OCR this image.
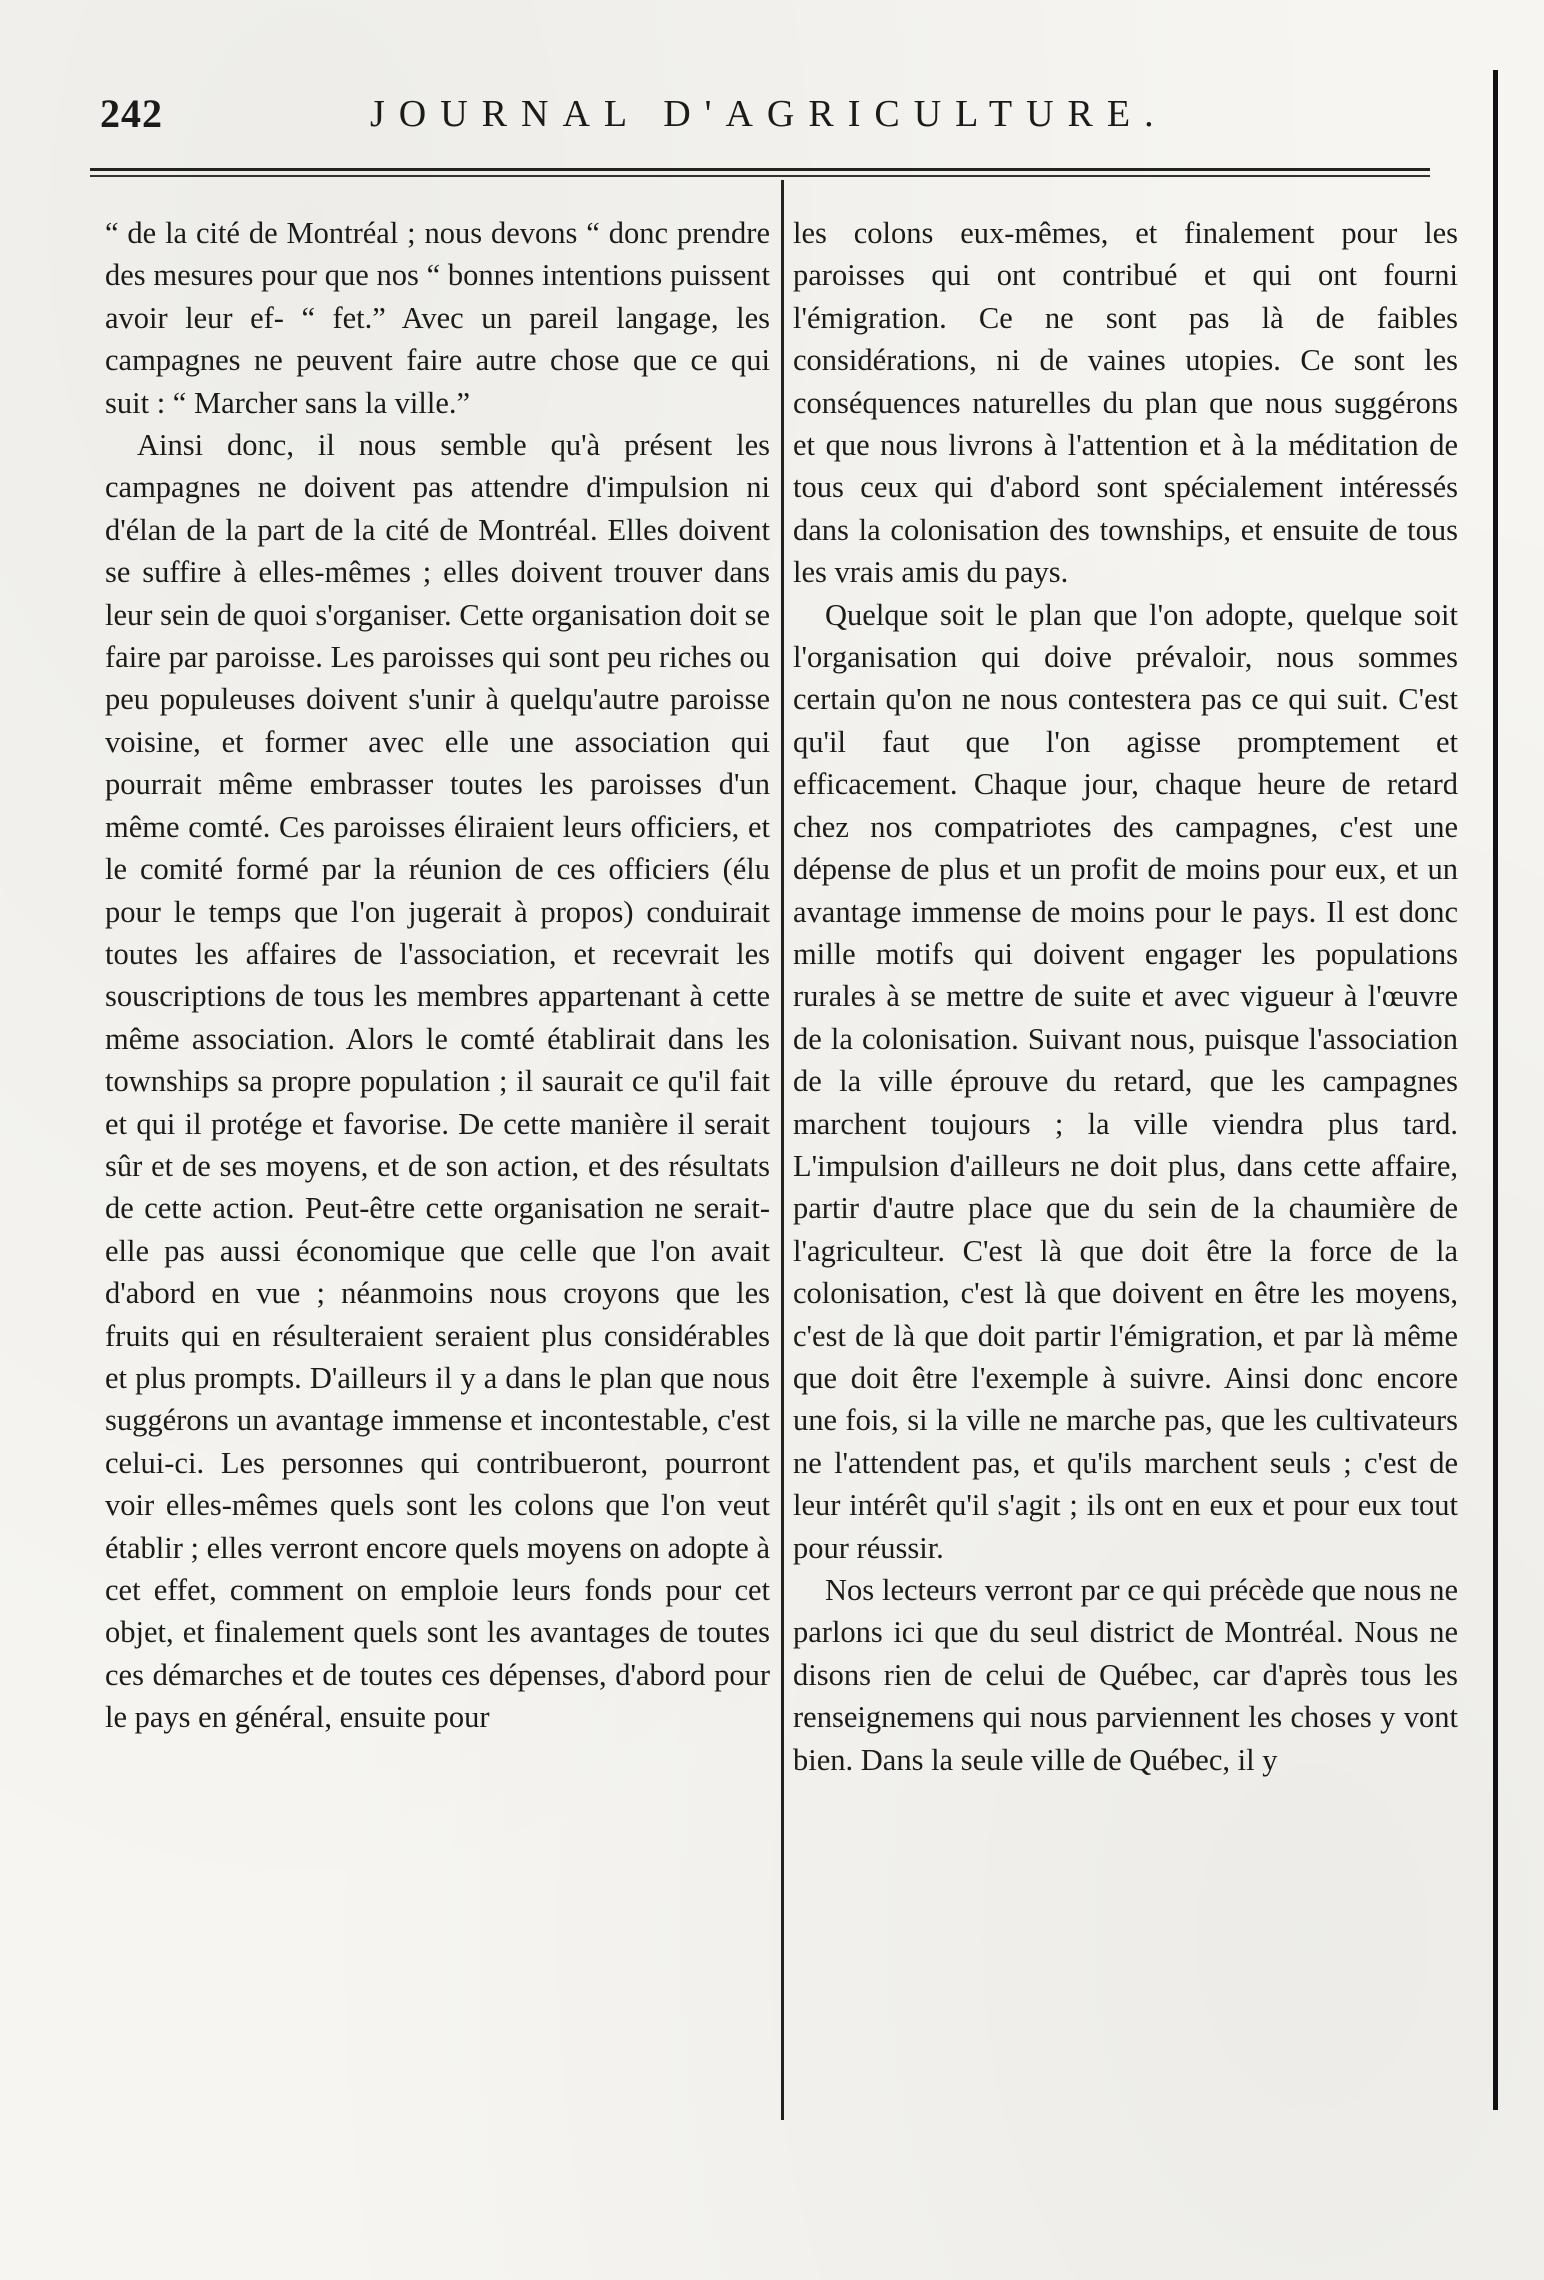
242	JOURNAL D'AGRICULTURE.

“ de la cité de Montréal ; nous devons “ donc prendre des mesures pour que nos “ bonnes intentions puissent avoir leur ef- “ fet.” Avec un pareil langage, les campagnes ne peuvent faire autre chose que ce qui suit : “ Marcher sans la ville.”

Ainsi donc, il nous semble qu'à présent les campagnes ne doivent pas attendre d'impulsion ni d'élan de la part de la cité de Montréal. Elles doivent se suffire à elles-mêmes ; elles doivent trouver dans leur sein de quoi s'organiser. Cette organisation doit se faire par paroisse. Les paroisses qui sont peu riches ou peu populeuses doivent s'unir à quelqu'autre paroisse voisine, et former avec elle une association qui pourrait même embrasser toutes les paroisses d'un même comté. Ces paroisses éliraient leurs officiers, et le comité formé par la réunion de ces officiers (élu pour le temps que l'on jugerait à propos) conduirait toutes les affaires de l'association, et recevrait les souscriptions de tous les membres appartenant à cette même association. Alors le comté établirait dans les townships sa propre population ; il saurait ce qu'il fait et qui il protége et favorise. De cette manière il serait sûr et de ses moyens, et de son action, et des résultats de cette action. Peut-être cette organisation ne serait-elle pas aussi économique que celle que l'on avait d'abord en vue ; néanmoins nous croyons que les fruits qui en résulteraient seraient plus considérables et plus prompts. D'ailleurs il y a dans le plan que nous suggérons un avantage immense et incontestable, c'est celui-ci. Les personnes qui contribueront, pourront voir elles-mêmes quels sont les colons que l'on veut établir ; elles verront encore quels moyens on adopte à cet effet, comment on emploie leurs fonds pour cet objet, et finalement quels sont les avantages de toutes ces démarches et de toutes ces dépenses, d'abord pour le pays en général, ensuite pour

les colons eux-mêmes, et finalement pour les paroisses qui ont contribué et qui ont fourni l'émigration. Ce ne sont pas là de faibles considérations, ni de vaines utopies. Ce sont les conséquences naturelles du plan que nous suggérons et que nous livrons à l'attention et à la méditation de tous ceux qui d'abord sont spécialement intéressés dans la colonisation des townships, et ensuite de tous les vrais amis du pays.

Quelque soit le plan que l'on adopte, quelque soit l'organisation qui doive prévaloir, nous sommes certain qu'on ne nous contestera pas ce qui suit. C'est qu'il faut que l'on agisse promptement et efficacement. Chaque jour, chaque heure de retard chez nos compatriotes des campagnes, c'est une dépense de plus et un profit de moins pour eux, et un avantage immense de moins pour le pays. Il est donc mille motifs qui doivent engager les populations rurales à se mettre de suite et avec vigueur à l'œuvre de la colonisation. Suivant nous, puisque l'association de la ville éprouve du retard, que les campagnes marchent toujours ; la ville viendra plus tard. L'impulsion d'ailleurs ne doit plus, dans cette affaire, partir d'autre place que du sein de la chaumière de l'agriculteur. C'est là que doit être la force de la colonisation, c'est là que doivent en être les moyens, c'est de là que doit partir l'émigration, et par là même que doit être l'exemple à suivre. Ainsi donc encore une fois, si la ville ne marche pas, que les cultivateurs ne l'attendent pas, et qu'ils marchent seuls ; c'est de leur intérêt qu'il s'agit ; ils ont en eux et pour eux tout pour réussir.

Nos lecteurs verront par ce qui précède que nous ne parlons ici que du seul district de Montréal. Nous ne disons rien de celui de Québec, car d'après tous les renseignemens qui nous parviennent les choses y vont bien. Dans la seule ville de Québec, il y
